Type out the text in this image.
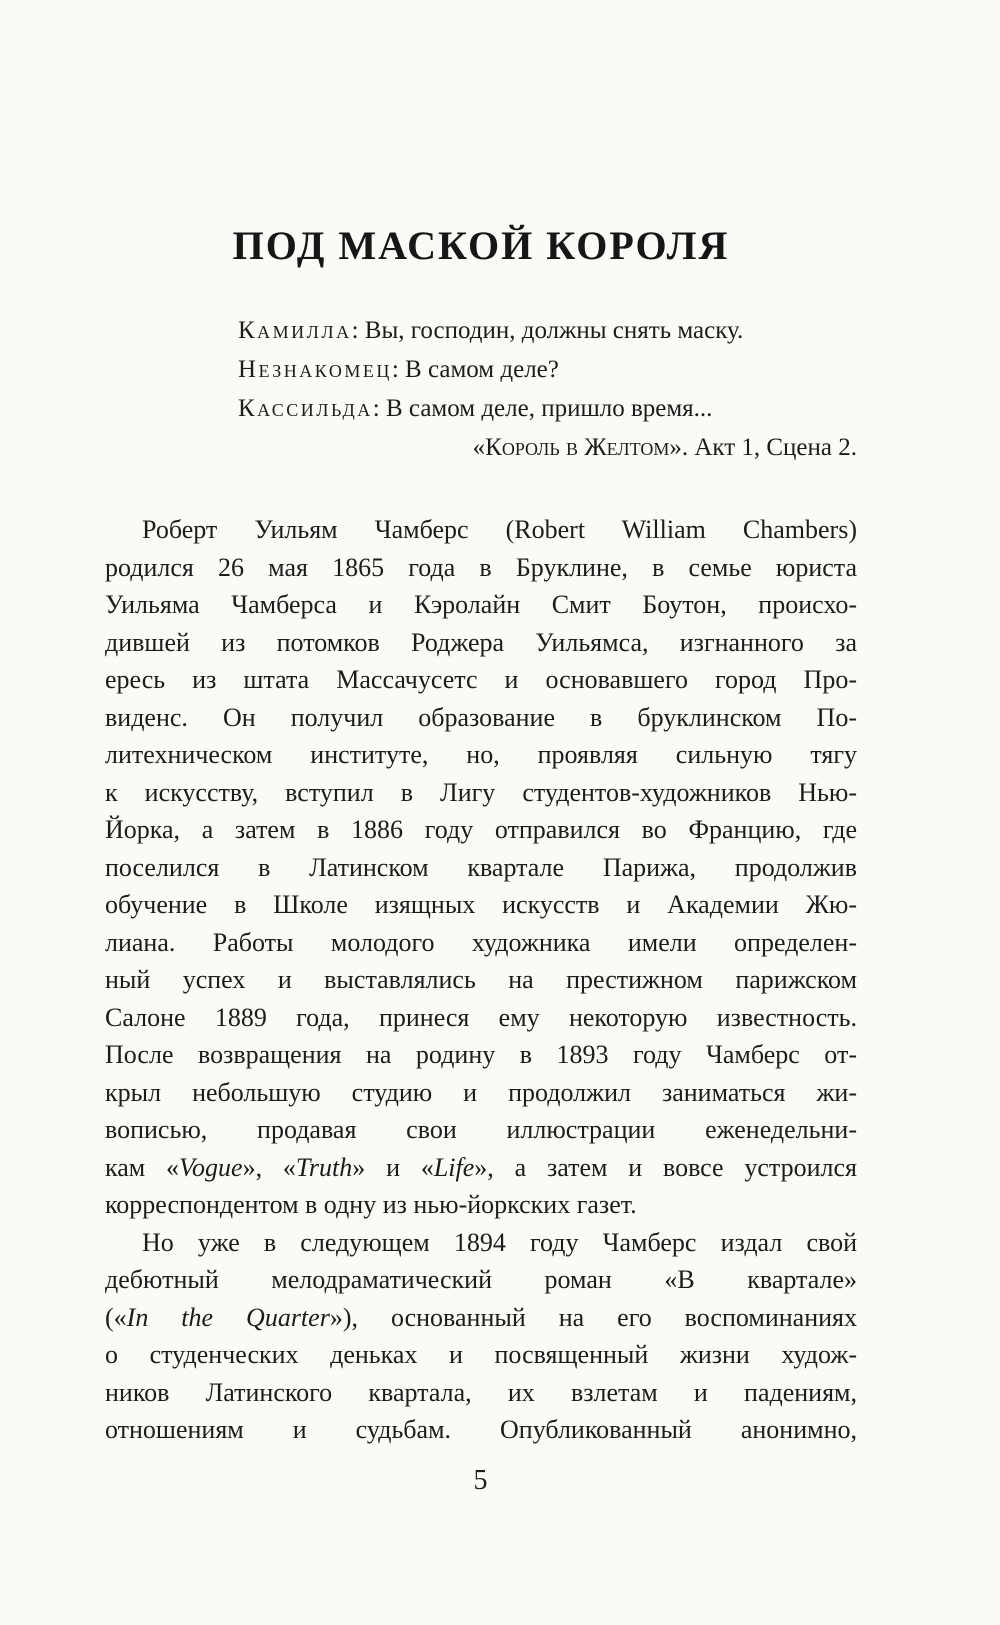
ПОД МАСКОЙ КОРОЛЯ
Камилла: Вы, господин, должны снять маску.
Незнакомец: В самом деле?
Кассильда: В самом деле, пришло время...
«Король в Желтом». Акт 1, Сцена 2.
Роберт Уильям Чамберс (Robert William Chambers)
родился 26 мая 1865 года в Бруклине, в семье юриста
Уильяма Чамберса и Кэролайн Смит Боутон, происхо-
дившей из потомков Роджера Уильямса, изгнанного за
ересь из штата Массачусетс и основавшего город Про-
виденс. Он получил образование в бруклинском По-
литехническом институте, но, проявляя сильную тягу
к искусству, вступил в Лигу студентов-художников Нью-
Йорка, а затем в 1886 году отправился во Францию, где
поселился в Латинском квартале Парижа, продолжив
обучение в Школе изящных искусств и Академии Жю-
лиана. Работы молодого художника имели определен-
ный успех и выставлялись на престижном парижском
Салоне 1889 года, принеся ему некоторую известность.
После возвращения на родину в 1893 году Чамберс от-
крыл небольшую студию и продолжил заниматься жи-
вописью, продавая свои иллюстрации еженедельни-
кам «Vogue», «Truth» и «Life», а затем и вовсе устроился
корреспондентом в одну из нью-йоркских газет.
Но уже в следующем 1894 году Чамберс издал свой
дебютный мелодраматический роман «В квартале»
(«In the Quarter»), основанный на его воспоминаниях
о студенческих деньках и посвященный жизни худож-
ников Латинского квартала, их взлетам и падениям,
отношениям и судьбам. Опубликованный анонимно,
5
